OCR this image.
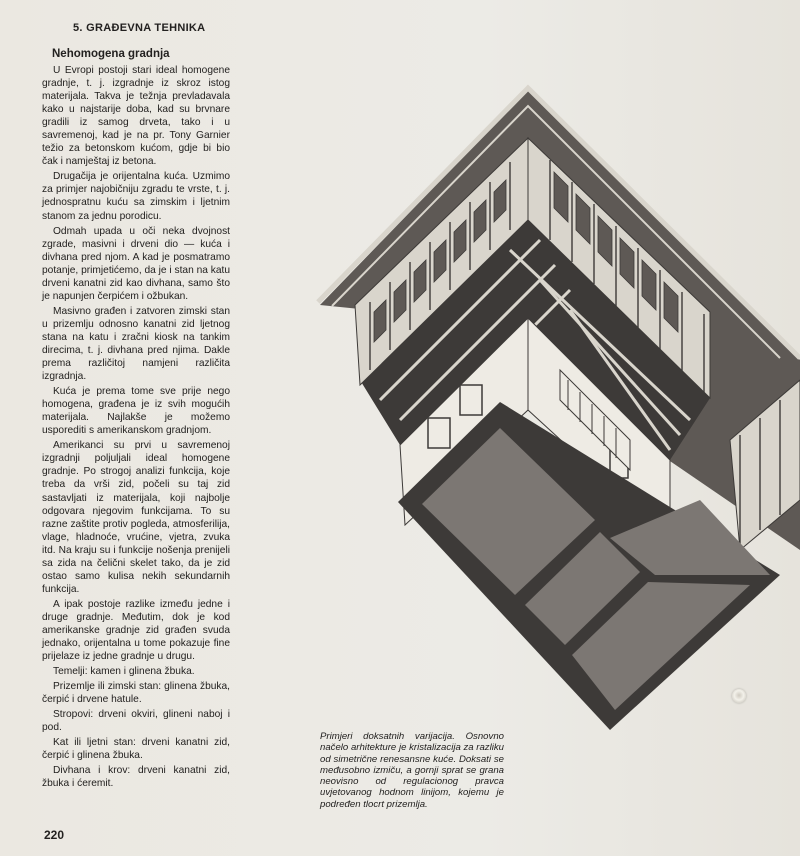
5. GRAĐEVNA TEHNIKA
Nehomogena gradnja

U Evropi postoji stari ideal homogene gradnje, t. j. izgradnje iz skroz istog materijala. Takva je težnja prevladavala kako u najstarije doba, kad su brvnare gradili iz samog drveta, tako i u savremenoj, kad je na pr. Tony Garnier težio za betonskom kućom, gdje bi bio čak i namještaj iz betona.

Drugačija je orijentalna kuća. Uzmimo za primjer najobičniju zgradu te vrste, t. j. jednospratnu kuću sa zimskim i ljetnim stanom za jednu porodicu.

Odmah upada u oči neka dvojnost zgrade, masivni i drveni dio — kuća i divhana pred njom. A kad je posmatramo potanje, primjetićemo, da je i stan na katu drveni kanatni zid kao divhana, samo što je napunjen čerpićem i ožbukan.

Masivno građen i zatvoren zimski stan u prizemlju odnosno kanatni zid ljetnog stana na katu i zračni kiosk na tankim direcima, t. j. divhana pred njima. Dakle prema različitoj namjeni različita izgradnja.

Kuća je prema tome sve prije nego homogena, građena je iz svih mogućih materijala. Najlakše je možemo usporediti s amerikanskom gradnjom.

Amerikanci su prvi u savremenoj izgradnji poljuljali ideal homogene gradnje. Po strogoj analizi funkcija, koje treba da vrši zid, počeli su taj zid sastavljati iz materijala, koji najbolje odgovara njegovim funkcijama. To su razne zaštite protiv pogleda, atmosferilija, vlage, hladnoće, vrućine, vjetra, zvuka itd. Na kraju su i funkcije nošenja prenijeli sa zida na čelični skelet tako, da je zid ostao samo kulisa nekih sekundarnih funkcija.

A ipak postoje razlike između jedne i druge gradnje. Međutim, dok je kod amerikanske gradnje zid građen svuda jednako, orijentalna u tome pokazuje fine prijelaze iz jedne gradnje u drugu.

Temelji: kamen i glinena žbuka.

Prizemlje ili zimski stan: glinena žbuka, čerpić i drvene hatule.

Stropovi: drveni okviri, glineni naboj i pod.

Kat ili ljetni stan: drveni kanatni zid, čerpić i glinena žbuka.

Divhana i krov: drveni kanatni zid, žbuka i ćeremit.

Primjeri doksatnih varijacija. Osnovno načelo arhitekture je kristalizacija za razliku od simetrične renesansne kuće. Doksati se međusobno izmiču, a gornji sprat se grana neovisno od regulacionog pravca uvjetovanog hodnom linijom, kojemu je podređen tlocrt prizemlja.
220
